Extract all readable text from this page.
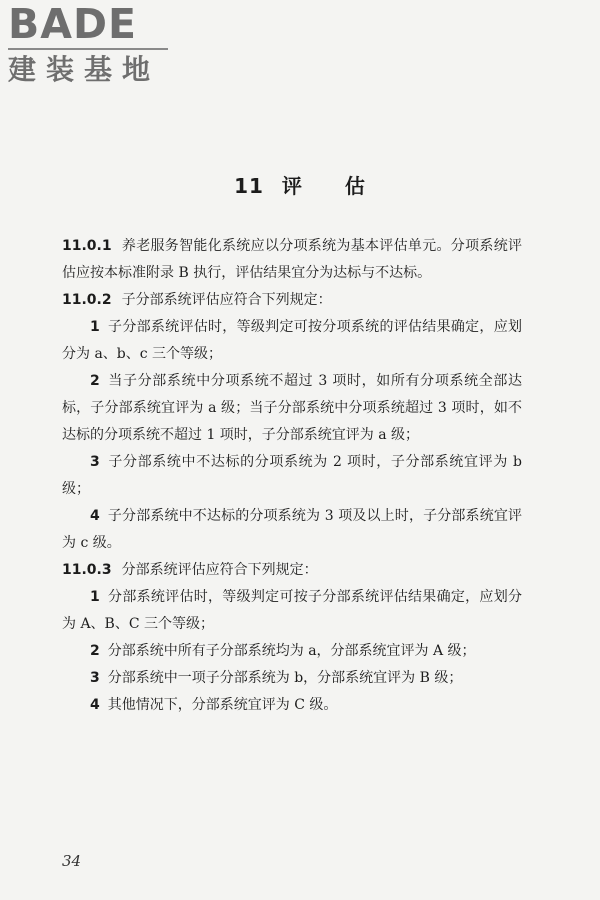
BADE
建装基地
11 评 估

11.0.1 养老服务智能化系统应以分项系统为基本评估单元。分项系统评估应按本标准附录 B 执行，评估结果宜分为达标与不达标。

11.0.2 子分部系统评估应符合下列规定：

1 子分部系统评估时，等级判定可按分项系统的评估结果确定，应划分为 a、b、c 三个等级；

2 当子分部系统中分项系统不超过 3 项时，如所有分项系统全部达标，子分部系统宜评为 a 级；当子分部系统中分项系统超过 3 项时，如不达标的分项系统不超过 1 项时，子分部系统宜评为 a 级；

3 子分部系统中不达标的分项系统为 2 项时，子分部系统宜评为 b 级；

4 子分部系统中不达标的分项系统为 3 项及以上时，子分部系统宜评为 c 级。

11.0.3 分部系统评估应符合下列规定：

1 分部系统评估时，等级判定可按子分部系统评估结果确定，应划分为 A、B、C 三个等级；

2 分部系统中所有子分部系统均为 a，分部系统宜评为 A 级；

3 分部系统中一项子分部系统为 b，分部系统宜评为 B 级；

4 其他情况下，分部系统宜评为 C 级。

34
